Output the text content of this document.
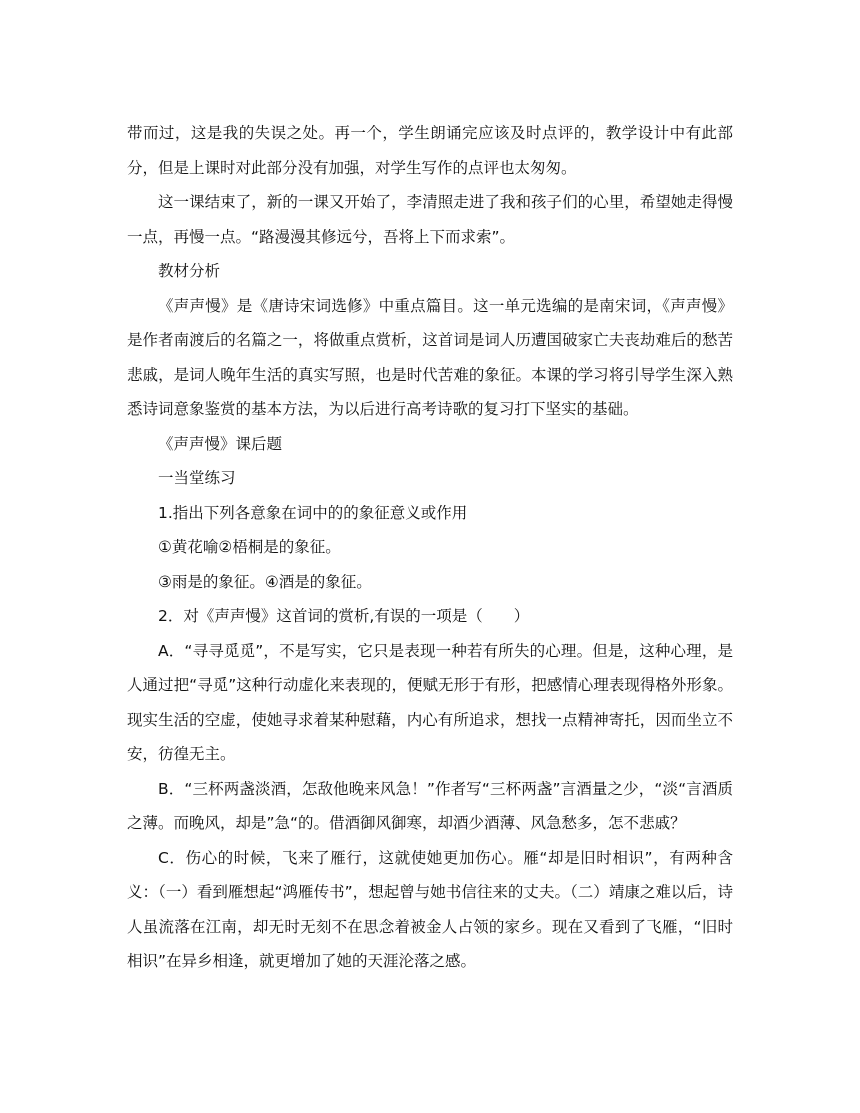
带而过，这是我的失误之处。再一个，学生朗诵完应该及时点评的，教学设计中有此部分，但是上课时对此部分没有加强，对学生写作的点评也太匆匆。

这一课结束了，新的一课又开始了，李清照走进了我和孩子们的心里，希望她走得慢一点，再慢一点。“路漫漫其修远兮，吾将上下而求索”。

教材分析

《声声慢》是《唐诗宋词选修》中重点篇目。这一单元选编的是南宋词，《声声慢》是作者南渡后的名篇之一，将做重点赏析，这首词是词人历遭国破家亡夫丧劫难后的愁苦悲戚，是词人晚年生活的真实写照，也是时代苦难的象征。本课的学习将引导学生深入熟悉诗词意象鉴赏的基本方法，为以后进行高考诗歌的复习打下坚实的基础。

《声声慢》课后题

一当堂练习

1.指出下列各意象在词中的的象征意义或作用

①黄花喻②梧桐是的象征。

③雨是的象征。④酒是的象征。

2．对《声声慢》这首词的赏析,有误的一项是（　　）

A．“寻寻觅觅”，不是写实，它只是表现一种若有所失的心理。但是，这种心理，是人通过把“寻觅”这种行动虚化来表现的，便赋无形于有形，把感情心理表现得格外形象。现实生活的空虚，使她寻求着某种慰藉，内心有所追求，想找一点精神寄托，因而坐立不安，彷徨无主。

B．“三杯两盏淡酒，怎敌他晚来风急！”作者写“三杯两盏”言酒量之少，“淡“言酒质之薄。而晚风，却是”急“的。借酒御风御寒，却酒少酒薄、风急愁多，怎不悲戚？

C．伤心的时候，飞来了雁行，这就使她更加伤心。雁“却是旧时相识”，有两种含义：（一）看到雁想起“鸿雁传书”，想起曾与她书信往来的丈夫。（二）靖康之难以后，诗人虽流落在江南，却无时无刻不在思念着被金人占领的家乡。现在又看到了飞雁，“旧时相识”在异乡相逢，就更增加了她的天涯沦落之感。
